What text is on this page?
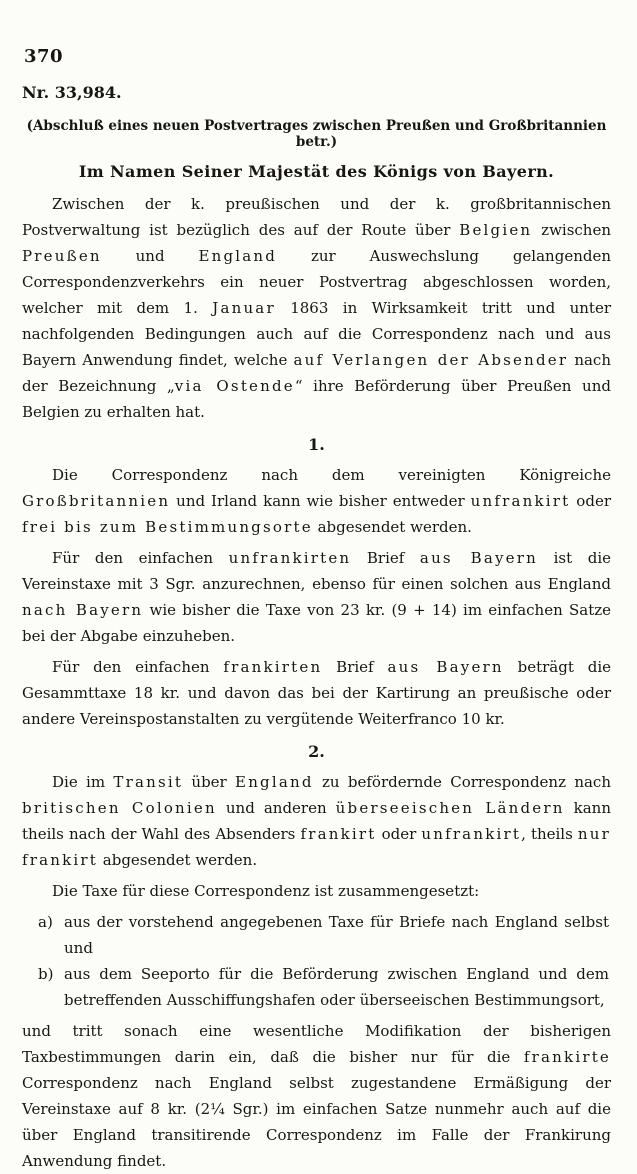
370
Nr. 33,984.
(Abschluß eines neuen Postvertrages zwischen Preußen und Großbritannien betr.)
Im Namen Seiner Majestät des Königs von Bayern.

Zwischen der k. preußischen und der k. großbritannischen Postverwaltung ist bezüglich des auf der Route über Belgien zwischen Preußen und England zur Auswechslung gelangenden Correspondenzverkehrs ein neuer Postvertrag abgeschlossen worden, welcher mit dem 1. Januar 1863 in Wirksamkeit tritt und unter nachfolgenden Bedingungen auch auf die Correspondenz nach und aus Bayern Anwendung findet, welche auf Verlangen der Absender nach der Bezeichnung „via Ostende“ ihre Beförderung über Preußen und Belgien zu erhalten hat.

1.

Die Correspondenz nach dem vereinigten Königreiche Großbritannien und Irland kann wie bisher entweder unfrankirt oder frei bis zum Bestimmungsorte abgesendet werden.

Für den einfachen unfrankirten Brief aus Bayern ist die Vereinstaxe mit 3 Sgr. anzurechnen, ebenso für einen solchen aus England nach Bayern wie bisher die Taxe von 23 kr. (9 + 14) im einfachen Satze bei der Abgabe einzuheben.

Für den einfachen frankirten Brief aus Bayern beträgt die Gesammttaxe 18 kr. und davon das bei der Kartirung an preußische oder andere Vereinspostanstalten zu vergütende Weiterfranco 10 kr.

2.

Die im Transit über England zu befördernde Correspondenz nach britischen Colonien und anderen überseeischen Ländern kann theils nach der Wahl des Absenders frankirt oder unfrankirt, theils nur frankirt abgesendet werden.

Die Taxe für diese Correspondenz ist zusammengesetzt:

a) aus der vorstehend angegebenen Taxe für Briefe nach England selbst und
b) aus dem Seeporto für die Beförderung zwischen England und dem betreffenden Ausschiffungshafen oder überseeischen Bestimmungsort,

und tritt sonach eine wesentliche Modifikation der bisherigen Taxbestimmungen darin ein, daß die bisher nur für die frankirte Correspondenz nach England selbst zugestandene Ermäßigung der Vereinstaxe auf 8 kr. (2¼ Sgr.) im einfachen Satze nunmehr auch auf die über England transitirende Correspondenz im Falle der Frankirung Anwendung findet.
